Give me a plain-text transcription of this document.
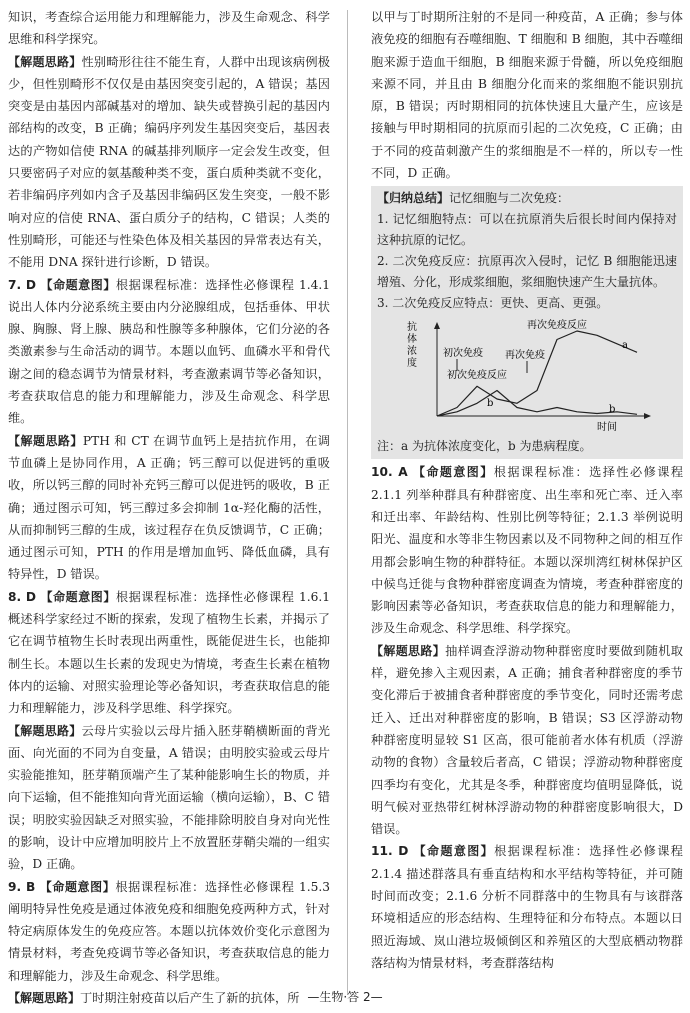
知识，考查综合运用能力和理解能力，涉及生命观念、科学思维和科学探究。

【解题思路】性别畸形往往不能生育，人群中出现该病例极少，但性别畸形不仅仅是由基因突变引起的，A 错误；基因突变是由基因内部碱基对的增加、缺失或替换引起的基因内部结构的改变，B 正确；编码序列发生基因突变后，基因表达的产物如信使 RNA 的碱基排列顺序一定会发生改变，但只要密码子对应的氨基酸种类不变，蛋白质种类就不变化，若非编码序列如内含子及基因非编码区发生突变，一般不影响对应的信使 RNA、蛋白质分子的结构，C 错误；人类的性别畸形，可能还与性染色体及相关基因的异常表达有关，不能用 DNA 探针进行诊断，D 错误。

7. D 【命题意图】根据课程标准：选择性必修课程 1.4.1 说出人体内分泌系统主要由内分泌腺组成，包括垂体、甲状腺、胸腺、肾上腺、胰岛和性腺等多种腺体，它们分泌的各类激素参与生命活动的调节。本题以血钙、血磷水平和骨代谢之间的稳态调节为情景材料，考查激素调节等必备知识，考查获取信息的能力和理解能力，涉及生命观念、科学思维。

【解题思路】PTH 和 CT 在调节血钙上是拮抗作用，在调节血磷上是协同作用，A 正确；钙三醇可以促进钙的重吸收，所以钙三醇的同时补充钙三醇可以促进钙的吸收，B 正确；通过图示可知，钙三醇过多会抑制 1α-羟化酶的活性，从而抑制钙三醇的生成，该过程存在负反馈调节，C 正确；通过图示可知，PTH 的作用是增加血钙、降低血磷，具有特异性，D 错误。

8. D 【命题意图】根据课程标准：选择性必修课程 1.6.1 概述科学家经过不断的探索，发现了植物生长素，并揭示了它在调节植物生长时表现出两重性，既能促进生长，也能抑制生长。本题以生长素的发现史为情境，考查生长素在植物体内的运输、对照实验理论等必备知识，考查获取信息的能力和理解能力，涉及科学思维、科学探究。

【解题思路】云母片实验以云母片插入胚芽鞘横断面的背光面、向光面的不同为自变量，A 错误；由明胶实验或云母片实验能推知，胚芽鞘顶端产生了某种能影响生长的物质，并向下运输，但不能推知向背光面运输（横向运输），B、C 错误；明胶实验因缺乏对照实验，不能排除明胶自身对向光性的影响，设计中应增加明胶片上不放置胚芽鞘尖端的一组实验，D 正确。

9. B 【命题意图】根据课程标准：选择性必修课程 1.5.3 阐明特异性免疫是通过体液免疫和细胞免疫两种方式，针对特定病原体发生的免疫应答。本题以抗体效价变化示意图为情景材料，考查免疫调节等必备知识，考查获取信息的能力和理解能力，涉及生命观念、科学思维。

【解题思路】丁时期注射疫苗以后产生了新的抗体，所

以甲与丁时期所注射的不是同一种疫苗，A 正确；参与体液免疫的细胞有吞噬细胞、T 细胞和 B 细胞，其中吞噬细胞来源于造血干细胞，B 细胞来源于骨髓，所以免疫细胞来源不同，并且由 B 细胞分化而来的浆细胞不能识别抗原，B 错误；丙时期相同的抗体快速且大量产生，应该是接触与甲时期相同的抗原而引起的二次免疫，C 正确；由于不同的疫苗刺激产生的浆细胞是不一样的，所以专一性不同，D 正确。

【归纳总结】记忆细胞与二次免疫：

1. 记忆细胞特点：可以在抗原消失后很长时间内保持对这种抗原的记忆。

2. 二次免疫反应：抗原再次入侵时，记忆 B 细胞能迅速增殖、分化，形成浆细胞，浆细胞快速产生大量抗体。

3. 二次免疫反应特点：更快、更高、更强。

抗体浓度
时间
再次免疫反应
初次免疫 再次免疫
初次免疫反应
a
b
b

注：a 为抗体浓度变化，b 为患病程度。

10. A 【命题意图】根据课程标准：选择性必修课程 2.1.1 列举种群具有种群密度、出生率和死亡率、迁入率和迁出率、年龄结构、性别比例等特征；2.1.3 举例说明阳光、温度和水等非生物因素以及不同物种之间的相互作用都会影响生物的种群特征。本题以深圳湾红树林保护区中候鸟迁徙与食物种群密度调查为情境，考查种群密度的影响因素等必备知识，考查获取信息的能力和理解能力，涉及生命观念、科学思维、科学探究。

【解题思路】抽样调查浮游动物种群密度时要做到随机取样，避免掺入主观因素，A 正确；捕食者种群密度的季节变化滞后于被捕食者种群密度的季节变化，同时还需考虑迁入、迁出对种群密度的影响，B 错误；S3 区浮游动物种群密度明显较 S1 区高，很可能前者水体有机质（浮游动物的食物）含量较后者高，C 错误；浮游动物种群密度四季均有变化，尤其是冬季，种群密度均值明显降低，说明气候对亚热带红树林浮游动物的种群密度影响很大，D 错误。

11. D 【命题意图】根据课程标准：选择性必修课程 2.1.4 描述群落具有垂直结构和水平结构等特征，并可随时间而改变；2.1.6 分析不同群落中的生物具有与该群落环境相适应的形态结构、生理特征和分布特点。本题以日照近海域、岚山港垃圾倾倒区和养殖区的大型底栖动物群落结构为情景材料，考查群落结构

—生物·答 2—
